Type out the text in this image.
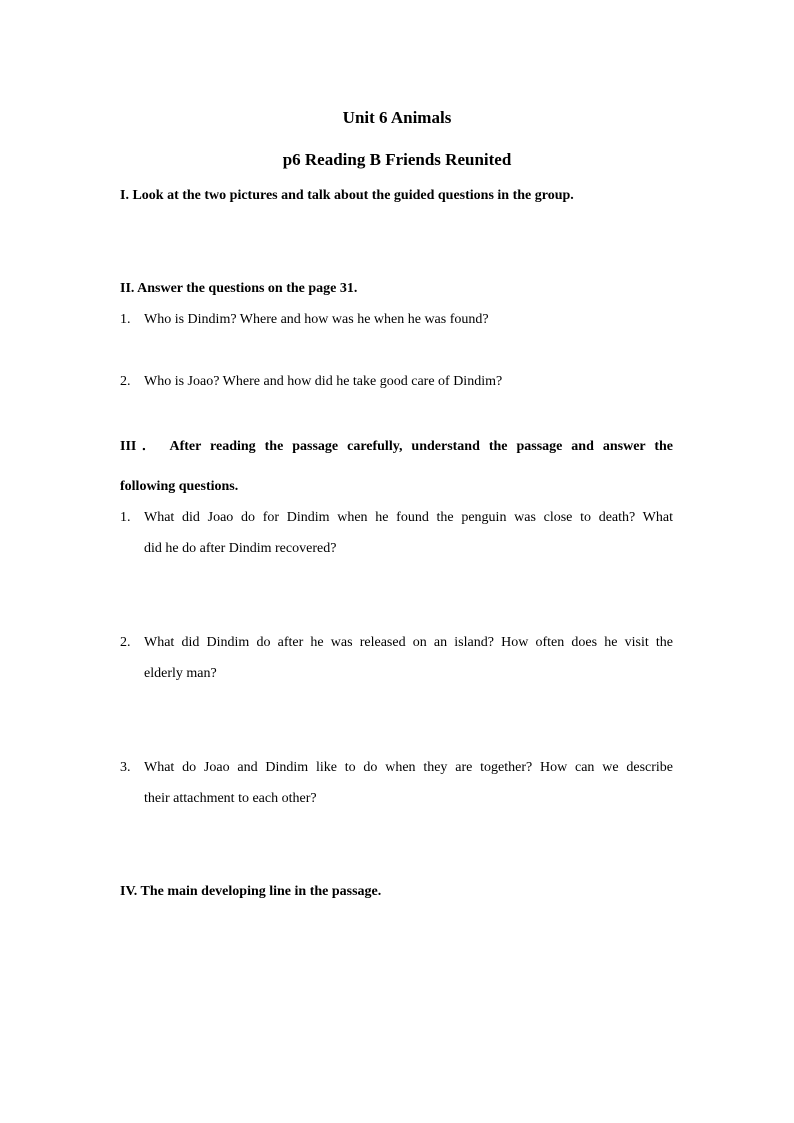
Unit 6 Animals
p6 Reading B Friends Reunited
I. Look at the two pictures and talk about the guided questions in the group.
II. Answer the questions on the page 31.
1. Who is Dindim? Where and how was he when he was found?
2. Who is Joao? Where and how did he take good care of Dindim?
III． After reading the passage carefully, understand the passage and answer the
following questions.
1. What did Joao do for Dindim when he found the penguin was close to death? What
did he do after Dindim recovered?
2. What did Dindim do after he was released on an island? How often does he visit the
elderly man?
3. What do Joao and Dindim like to do when they are together? How can we describe
their attachment to each other?
IV. The main developing line in the passage.
